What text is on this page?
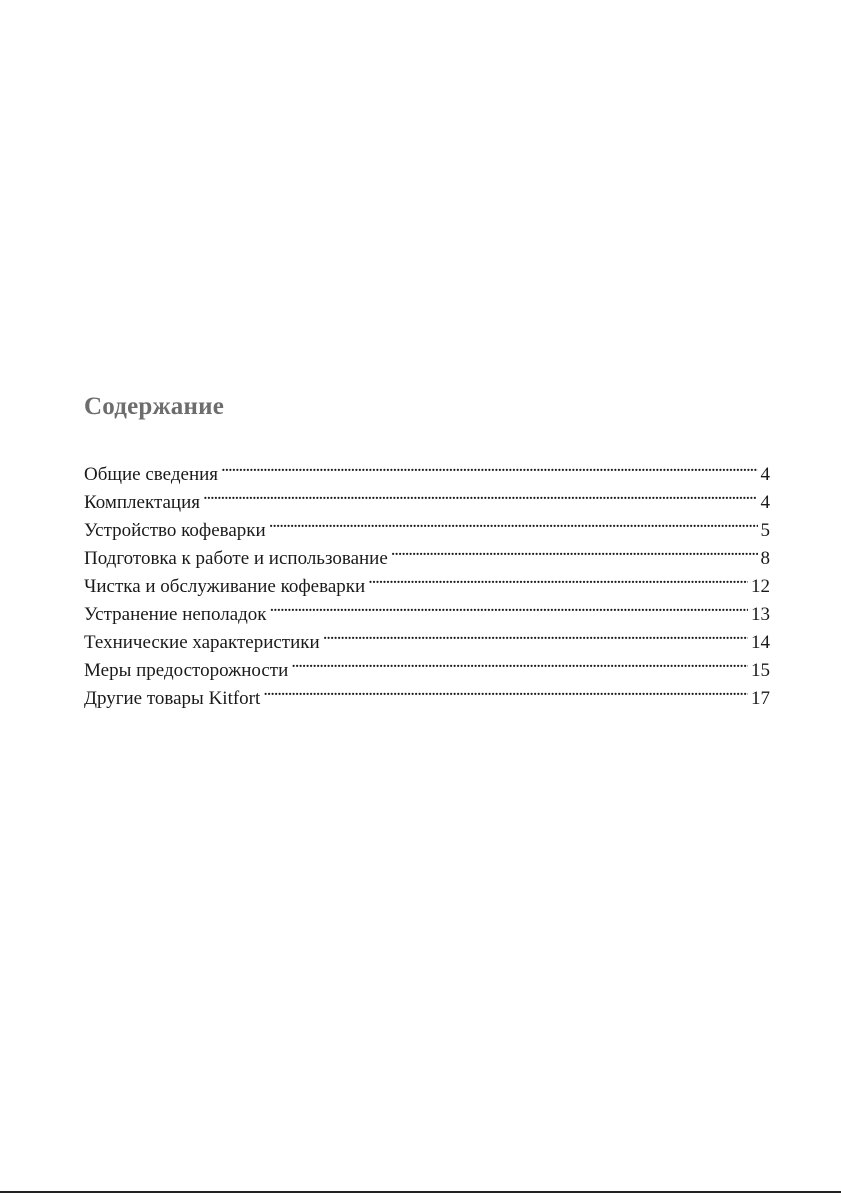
Содержание
Общие сведения . . .	4
Комплектация . . .	4
Устройство кофеварки . . .	5
Подготовка к работе и использование . . .	8
Чистка и обслуживание кофеварки . . .	12
Устранение неполадок . . .	13
Технические характеристики . . .	14
Меры предосторожности . . .	15
Другие товары Kitfort . . .	17
